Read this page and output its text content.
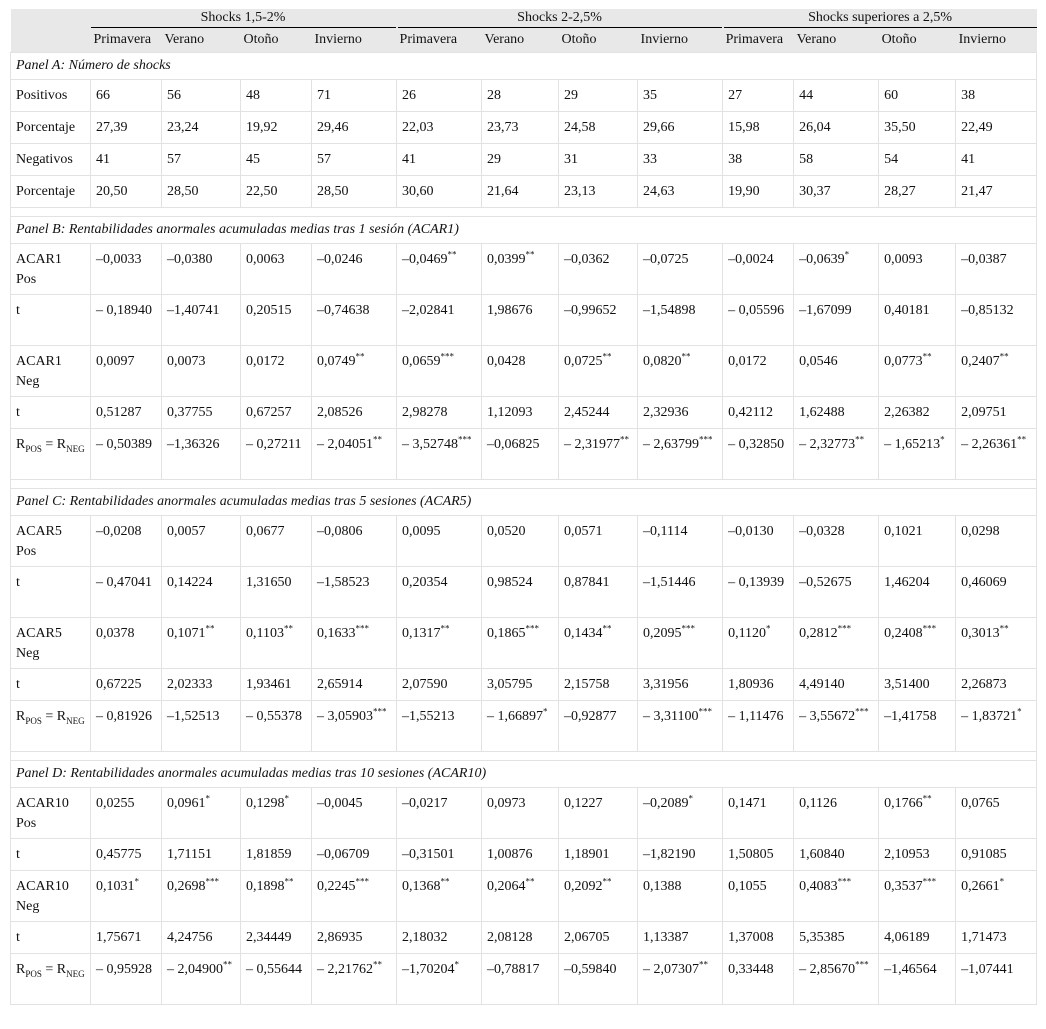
	Shocks 1,5-2%				Shocks 2-2,5%				Shocks superiores a 2,5%			
	Primavera	Verano	Otoño	Invierno	Primavera	Verano	Otoño	Invierno	Primavera	Verano	Otoño	Invierno
Panel A: Número de shocks												
Positivos	66	56	48	71	26	28	29	35	27	44	60	38
Porcentaje	27,39	23,24	19,92	29,46	22,03	23,73	24,58	29,66	15,98	26,04	35,50	22,49
Negativos	41	57	45	57	41	29	31	33	38	58	54	41
Porcentaje	20,50	28,50	22,50	28,50	30,60	21,64	23,13	24,63	19,90	30,37	28,27	21,47

Panel B: Rentabilidades anormales acumuladas medias tras 1 sesión (ACAR1)												
ACAR1 Pos	–0,0033	–0,0380	0,0063	–0,0246	–0,0469**	0,0399**	–0,0362	–0,0725	–0,0024	–0,0639*	0,0093	–0,0387
t	– 0,18940	–1,40741	0,20515	–0,74638	–2,02841	1,98676	–0,99652	–1,54898	– 0,05596	–1,67099	0,40181	–0,85132
ACAR1 Neg	0,0097	0,0073	0,0172	0,0749**	0,0659***	0,0428	0,0725**	0,0820**	0,0172	0,0546	0,0773**	0,2407**
t	0,51287	0,37755	0,67257	2,08526	2,98278	1,12093	2,45244	2,32936	0,42112	1,62488	2,26382	2,09751
$R_{POS} = R_{NEG}$	– 0,50389	–1,36326	– 0,27211	– 2,04051**	– 3,52748***	–0,06825	– 2,31977**	– 2,63799***	– 0,32850	– 2,32773**	– 1,65213*	– 2,26361**

Panel C: Rentabilidades anormales acumuladas medias tras 5 sesiones (ACAR5)												
ACAR5 Pos	–0,0208	0,0057	0,0677	–0,0806	0,0095	0,0520	0,0571	–0,1114	–0,0130	–0,0328	0,1021	0,0298
t	– 0,47041	0,14224	1,31650	–1,58523	0,20354	0,98524	0,87841	–1,51446	– 0,13939	–0,52675	1,46204	0,46069
ACAR5 Neg	0,0378	0,1071**	0,1103**	0,1633***	0,1317**	0,1865***	0,1434**	0,2095***	0,1120*	0,2812***	0,2408***	0,3013**
t	0,67225	2,02333	1,93461	2,65914	2,07590	3,05795	2,15758	3,31956	1,80936	4,49140	3,51400	2,26873
$R_{POS} = R_{NEG}$	– 0,81926	–1,52513	– 0,55378	– 3,05903***	–1,55213	– 1,66897*	–0,92877	– 3,31100***	– 1,11476	– 3,55672***	–1,41758	– 1,83721*

Panel D: Rentabilidades anormales acumuladas medias tras 10 sesiones (ACAR10)												
ACAR10 Pos	0,0255	0,0961*	0,1298*	–0,0045	–0,0217	0,0973	0,1227	–0,2089*	0,1471	0,1126	0,1766**	0,0765
t	0,45775	1,71151	1,81859	–0,06709	–0,31501	1,00876	1,18901	–1,82190	1,50805	1,60840	2,10953	0,91085
ACAR10 Neg	0,1031*	0,2698***	0,1898**	0,2245***	0,1368**	0,2064**	0,2092**	0,1388	0,1055	0,4083***	0,3537***	0,2661*
t	1,75671	4,24756	2,34449	2,86935	2,18032	2,08128	2,06705	1,13387	1,37008	5,35385	4,06189	1,71473
$R_{POS} = R_{NEG}$	– 0,95928	– 2,04900**	– 0,55644	– 2,21762**	–1,70204*	–0,78817	–0,59840	– 2,07307**	0,33448	– 2,85670***	–1,46564	–1,07441
